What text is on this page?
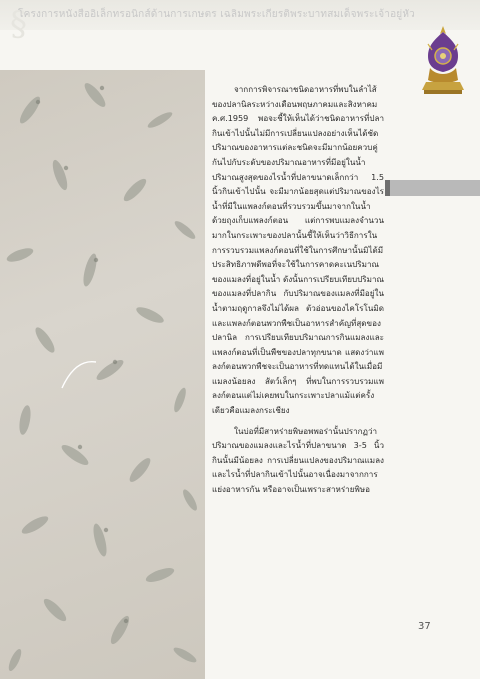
§
โครงการหนังสืออิเล็กทรอนิกส์ด้านการเกษตร เฉลิมพระเกียรติพระบาทสมเด็จพระเจ้าอยู่หัว

จากการพิจารณาชนิดอาหารที่พบในลำไส้ของปลานิลระหว่างเดือนพฤษภาคมและสิงหาคม ค.ศ.1959 พอจะชี้ให้เห็นได้ว่าชนิดอาหารที่ปลากินเข้าไปนั้นไม่มีการเปลี่ยนแปลงอย่างเห็นได้ชัด ปริมาณของอาหารแต่ละชนิดจะมีมากน้อยควบคู่กันไปกับระดับของปริมาณอาหารที่มีอยู่ในน้ำ ปริมาณสูงสุดของไรน้ำที่ปลาขนาดเล็กกว่า 1.5 นิ้วกินเข้าไปนั้น จะมีมากน้อยสุดแต่ปริมาณของไรน้ำที่มีในแพลงก์ตอนที่รวบรวมขึ้นมาจากในน้ำด้วยถุงเก็บแพลงก์ตอน แต่การพบแมลงจำนวนมากในกระเพาะของปลานั้นชี้ให้เห็นว่าวิธีการในการรวบรวมแพลงก์ตอนที่ใช้ในการศึกษานั้นมิได้มีประสิทธิภาพดีพอที่จะใช้ในการคาดคะเนปริมาณของแมลงที่อยู่ในน้ำ ดังนั้นการเปรียบเทียบปริมาณของแมลงที่ปลากิน กับปริมาณของแมลงที่มีอยู่ในน้ำตามฤดูกาลจึงไม่ได้ผล ตัวอ่อนของไคโรโนมิดและแพลงก์ตอนพวกพืชเป็นอาหารสำคัญที่สุดของปลานิล การเปรียบเทียบปริมาณการกินแมลงและแพลงก์ตอนที่เป็นพืชของปลาทุกขนาด แสดงว่าแพลงก์ตอนพวกพืชจะเป็นอาหารที่ทดแทนได้ในเมื่อมีแมลงน้อยลง สัตว์เล็กๆ ที่พบในการรวบรวมแพลงก์ตอนแต่ไม่เคยพบในกระเพาะปลาแม้แต่ครั้งเดียวคือแมลงกระเชียง

ในบ่อที่มีสาหร่ายพิษอพพอร่านั้นปรากฏว่าปริมาณของแมลงและไรน้ำที่ปลาขนาด 3-5 นิ้ว กินนั้นมีน้อยลง การเปลี่ยนแปลงของปริมาณแมลงและไรน้ำที่ปลากินเข้าไปนั้นอาจเนื่องมาจากการแย่งอาหารกัน หรืออาจเป็นเพราะสาหร่ายพิษอ

37
